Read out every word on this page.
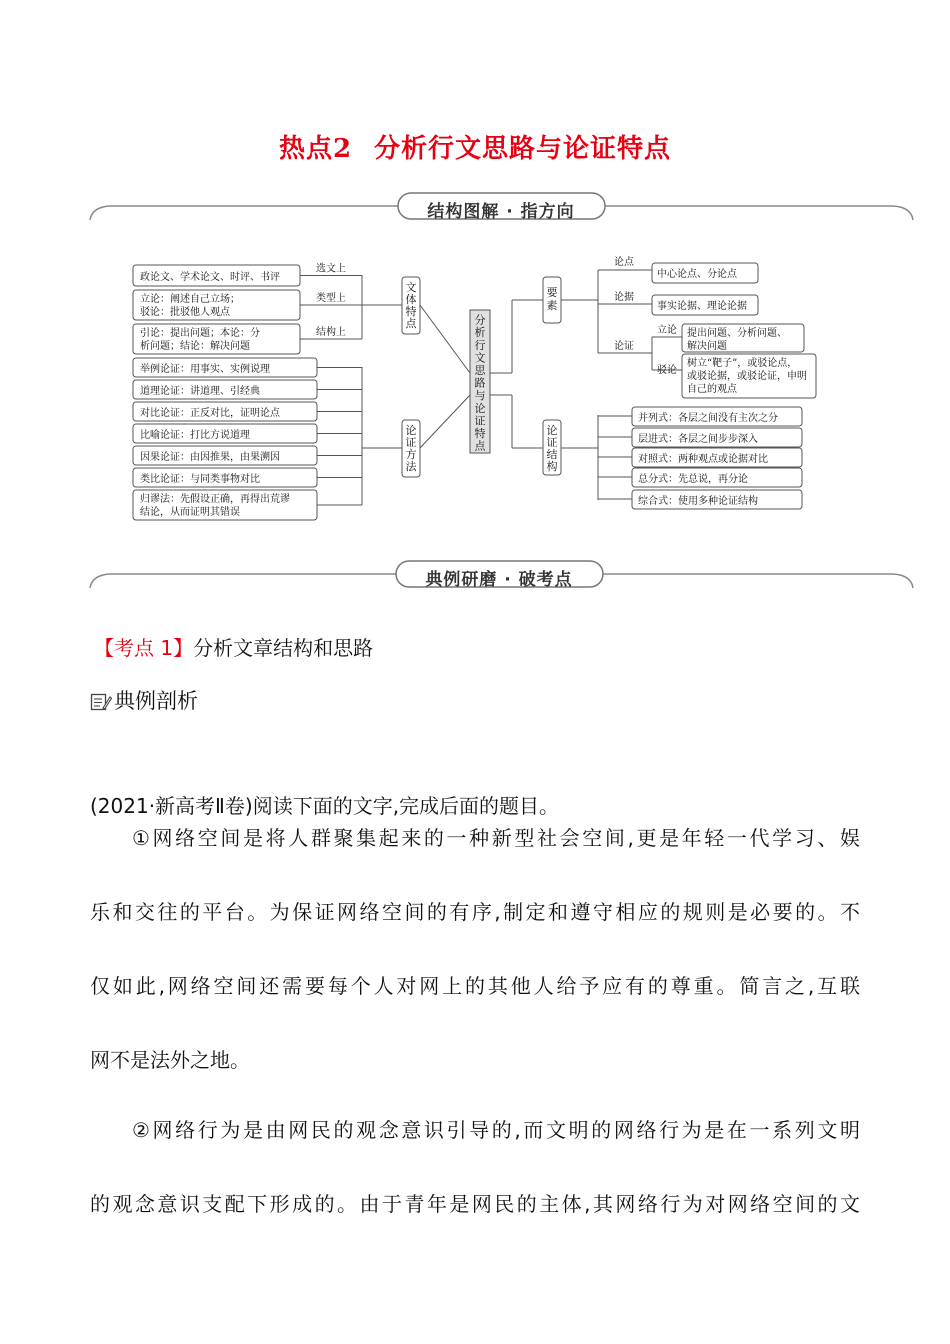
热点2 分析行文思路与论证特点
结构图解 · 指方向
分析行文思路与论证特点
文体特点
政论文、学术论文、时评、书评
选文上
立论：阐述自己立场；
驳论：批驳他人观点
类型上
引论：提出问题；本论：分
析问题；结论：解决问题
结构上
论证方法
举例论证：用事实、实例说理
道理论证：讲道理、引经典
对比论证：正反对比，证明论点
比喻论证：打比方说道理
因果论证：由因推果，由果溯因
类比论证：与同类事物对比
归谬法：先假设正确，再得出荒谬
结论，从而证明其错误
要素
论点
中心论点、分论点
论据
事实论据、理论论据
论证
立论 提出问题、分析问题、
解决问题
驳论
树立“靶子”，或驳论点，
或驳论据，或驳论证，申明
自己的观点
论证结构
并列式：各层之间没有主次之分
层进式：各层之间步步深入
对照式：两种观点或论据对比
总分式：先总说，再分论
综合式：使用多种论证结构
典例研磨 · 破考点
【考点 1】分析文章结构和思路
典例剖析
(2021·新高考Ⅱ卷)阅读下面的文字,完成后面的题目。
①网络空间是将人群聚集起来的一种新型社会空间,更是年轻一代学习、娱
乐和交往的平台。为保证网络空间的有序,制定和遵守相应的规则是必要的。不
仅如此,网络空间还需要每个人对网上的其他人给予应有的尊重。简言之,互联
网不是法外之地。
②网络行为是由网民的观念意识引导的,而文明的网络行为是在一系列文明
的观念意识支配下形成的。由于青年是网民的主体,其网络行为对网络空间的文
